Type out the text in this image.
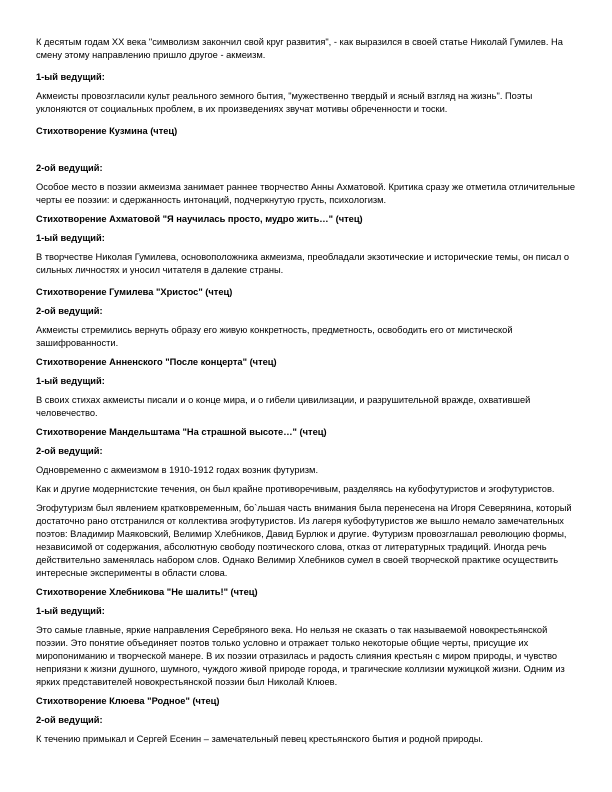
К десятым годам XX века "символизм закончил свой круг развития", - как выразился в своей статье Николай Гумилев. На смену этому направлению пришло другое - акмеизм.

1-ый ведущий:

Акмеисты провозгласили культ реального земного бытия, "мужественно твердый и ясный взгляд на жизнь". Поэты уклоняются от социальных проблем, в их произведениях звучат мотивы обреченности и тоски.

Стихотворение Кузмина (чтец)

2-ой ведущий:

Особое место в поэзии акмеизма занимает раннее творчество Анны Ахматовой. Критика сразу же отметила отличительные черты ее поэзии: и сдержанность интонаций, подчеркнутую грусть, психологизм.

Стихотворение Ахматовой "Я научилась просто, мудро жить…" (чтец)

1-ый ведущий:

В творчестве Николая Гумилева, основоположника акмеизма, преобладали экзотические и исторические темы, он писал о сильных личностях и уносил читателя в далекие страны.

Стихотворение Гумилева "Христос" (чтец)

2-ой ведущий:

Акмеисты стремились вернуть образу его живую конкретность, предметность, освободить его от мистической зашифрованности.

Стихотворение Анненского "После концерта" (чтец)

1-ый ведущий:

В своих стихах акмеисты писали и о конце мира, и о гибели цивилизации, и разрушительной вражде, охватившей человечество.

Стихотворение Мандельштама "На страшной высоте…" (чтец)

2-ой ведущий:

Одновременно с акмеизмом в 1910-1912 годах возник футуризм.

Как и другие модернистские течения, он был крайне противоречивым, разделяясь на кубофутуристов и эгофутуристов.

Эгофутуризм был явлением кратковременным, бо`льшая часть внимания была перенесена на Игоря Северянина, который достаточно рано отстранился от коллектива эгофутуристов. Из лагеря кубофутуристов же вышло немало замечательных поэтов: Владимир Маяковский, Велимир Хлебников, Давид Бурлюк и другие. Футуризм провозглашал революцию формы, независимой от содержания, абсолютную свободу поэтического слова, отказ от литературных традиций. Иногда речь действительно заменялась набором слов. Однако Велимир Хлебников сумел в своей творческой практике осуществить интересные эксперименты в области слова.

Стихотворение Хлебникова "Не шалить!" (чтец)

1-ый ведущий:

Это самые главные, яркие направления Серебряного века. Но нельзя не сказать о так называемой новокрестьянской поэзии. Это понятие объединяет поэтов только условно и отражает только некоторые общие черты, присущие их миропониманию и творческой манере. В их поэзии отразилась и радость слияния крестьян с миром природы, и чувство неприязни к жизни душного, шумного, чуждого живой природе города, и трагические коллизии мужицкой жизни. Одним из ярких представителей новокрестьянской поэзии был Николай Клюев.

Стихотворение Клюева "Родное" (чтец)

2-ой ведущий:

К течению примыкал и Сергей Есенин – замечательный певец крестьянского бытия и родной природы.
